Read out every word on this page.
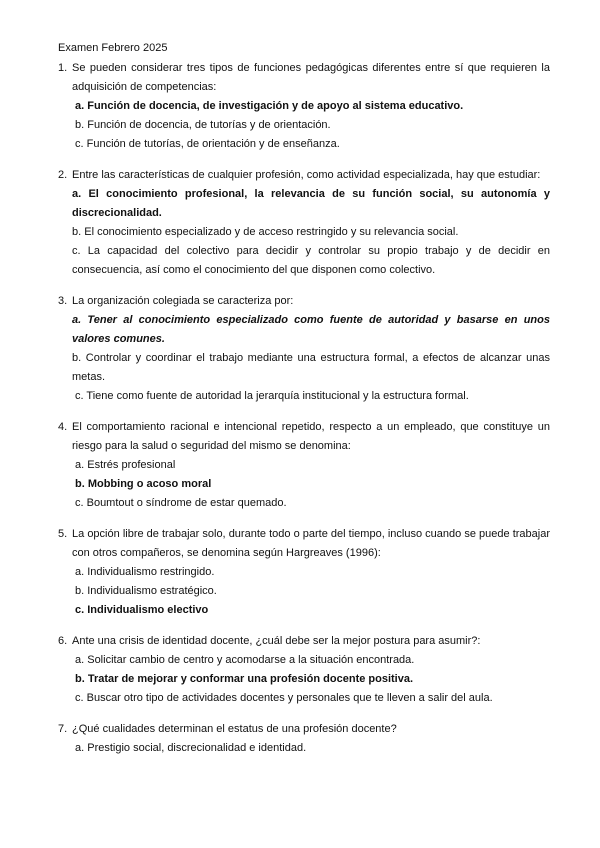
Examen Febrero 2025
1. Se pueden considerar tres tipos de funciones pedagógicas diferentes entre sí que requieren la adquisición de competencias:
a. Función de docencia, de investigación y de apoyo al sistema educativo.
b. Función de docencia, de tutorías y de orientación.
c. Función de tutorías, de orientación y de enseñanza.
2. Entre las características de cualquier profesión, como actividad especializada, hay que estudiar:
a. El conocimiento profesional, la relevancia de su función social, su autonomía y discrecionalidad.
b. El conocimiento especializado y de acceso restringido y su relevancia social.
c. La capacidad del colectivo para decidir y controlar su propio trabajo y de decidir en consecuencia, así como el conocimiento del que disponen como colectivo.
3. La organización colegiada se caracteriza por:
a. Tener al conocimiento especializado como fuente de autoridad y basarse en unos valores comunes.
b. Controlar y coordinar el trabajo mediante una estructura formal, a efectos de alcanzar unas metas.
c. Tiene como fuente de autoridad la jerarquía institucional y la estructura formal.
4. El comportamiento racional e intencional repetido, respecto a un empleado, que constituye un riesgo para la salud o seguridad del mismo se denomina:
a. Estrés profesional
b. Mobbing o acoso moral
c. Boumtout o síndrome de estar quemado.
5. La opción libre de trabajar solo, durante todo o parte del tiempo, incluso cuando se puede trabajar con otros compañeros, se denomina según Hargreaves (1996):
a. Individualismo restringido.
b. Individualismo estratégico.
c. Individualismo electivo
6. Ante una crisis de identidad docente, ¿cuál debe ser la mejor postura para asumir?:
a. Solicitar cambio de centro y acomodarse a la situación encontrada.
b. Tratar de mejorar y conformar una profesión docente positiva.
c. Buscar otro tipo de actividades docentes y personales que te lleven a salir del aula.
7. ¿Qué cualidades determinan el estatus de una profesión docente?
a. Prestigio social, discrecionalidad e identidad.
